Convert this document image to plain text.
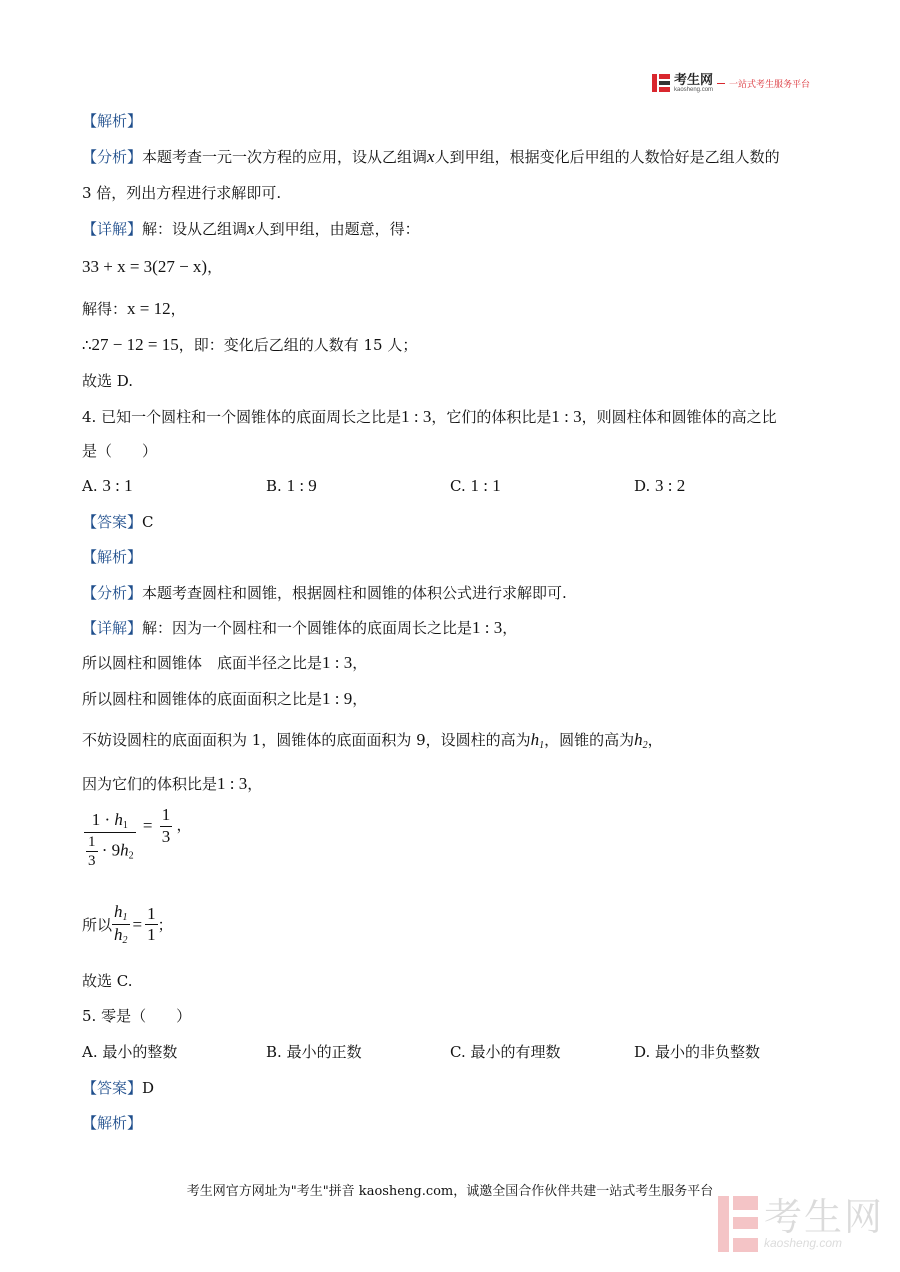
考生网
kaosheng.com
一站式考生服务平台
【解析】
【分析】本题考查一元一次方程的应用，设从乙组调x人到甲组，根据变化后甲组的人数恰好是乙组人数的
3 倍，列出方程进行求解即可.
【详解】解：设从乙组调x人到甲组，由题意，得：
33 + x = 3(27 − x)，
解得：x = 12，
∴27 − 12 = 15，即：变化后乙组的人数有 15 人；
故选 D.
4. 已知一个圆柱和一个圆锥体的底面周长之比是1 : 3，它们的体积比是1 : 3，则圆柱体和圆锥体的高之比
是（　　）
A. 3 : 1	B. 1 : 9	C. 1 : 1	D. 3 : 2
【答案】C
【解析】
【分析】本题考查圆柱和圆锥，根据圆柱和圆锥的体积公式进行求解即可.
【详解】解：因为一个圆柱和一个圆锥体的底面周长之比是1 : 3，
所以圆柱和圆锥体　底面半径之比是1 : 3，
所以圆柱和圆锥体的底面面积之比是1 : 9，
不妨设圆柱的底面面积为 1，圆锥体的底面面积为 9，设圆柱的高为$h_1$，圆锥的高为$h_2$，
因为它们的体积比是1 : 3，
$\frac{1 \cdot h_1}{\frac{1}{3} \cdot 9h_2} = \frac{1}{3}$ ，
所以 $\frac{h_1}{h_2} = \frac{1}{1}$ ；
故选 C.
5. 零是（　　）
A. 最小的整数	B. 最小的正数	C. 最小的有理数	D. 最小的非负整数
【答案】D
【解析】
考生网官方网址为"考生"拼音 kaosheng.com，诚邀全国合作伙伴共建一站式考生服务平台
考生网
kaosheng.com
